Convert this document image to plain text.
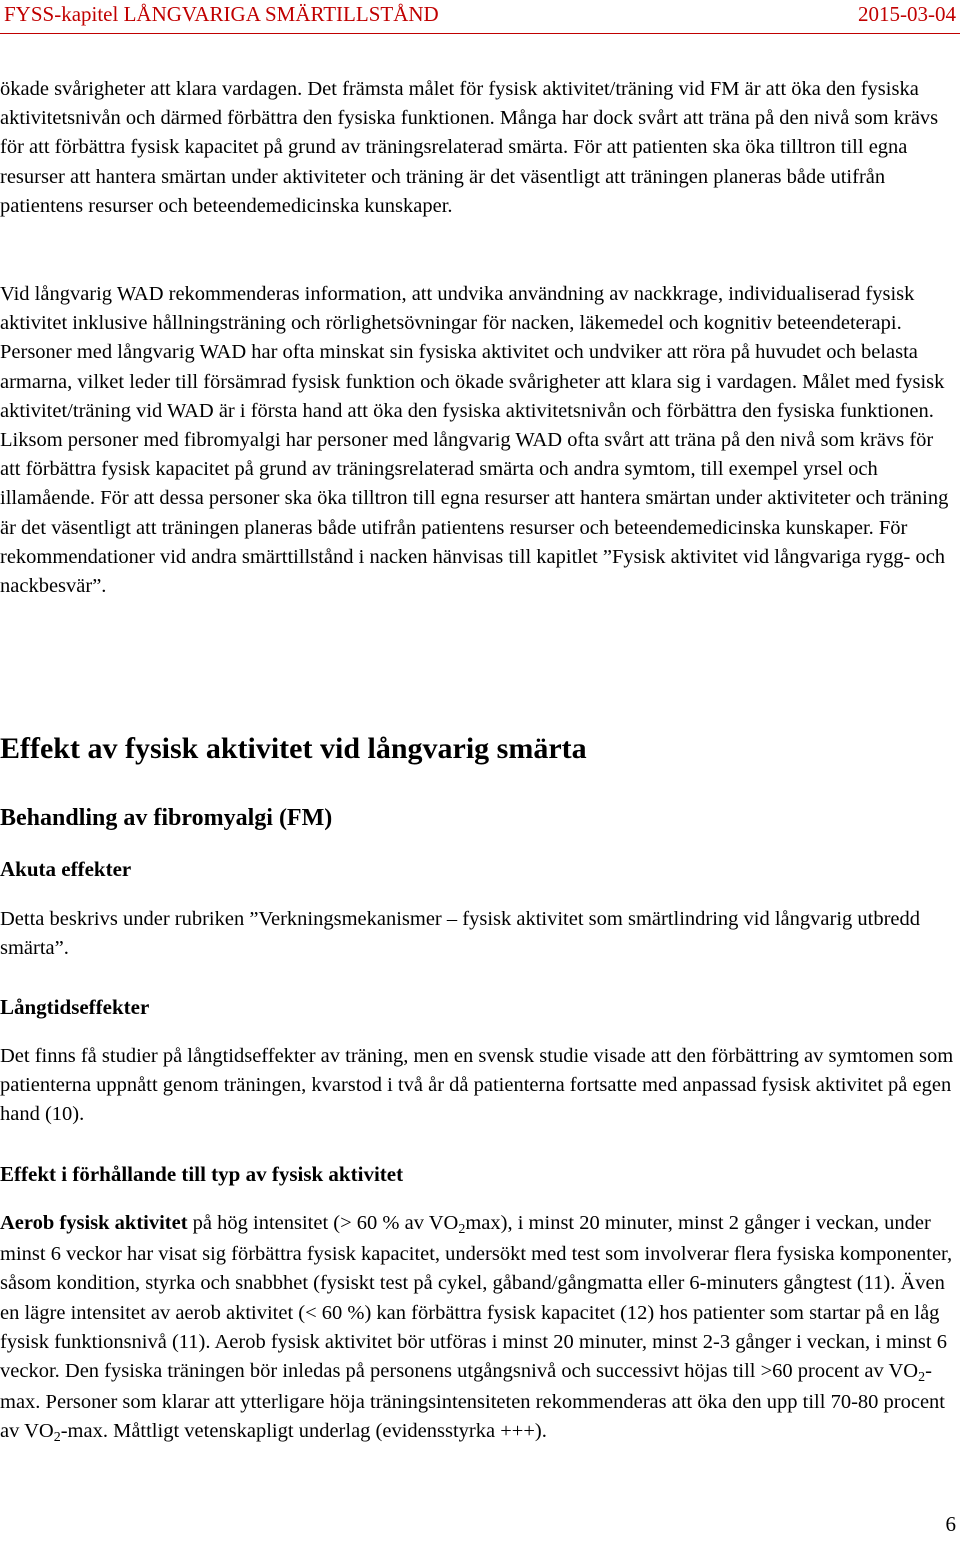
FYSS-kapitel LÅNGVARIGA SMÄRTILLSTÅND	2015-03-04

ökade svårigheter att klara vardagen. Det främsta målet för fysisk aktivitet/träning vid FM är att öka den fysiska aktivitetsnivån och därmed förbättra den fysiska funktionen. Många har dock svårt att träna på den nivå som krävs för att förbättra fysisk kapacitet på grund av träningsrelaterad smärta. För att patienten ska öka tilltron till egna resurser att hantera smärtan under aktiviteter och träning är det väsentligt att träningen planeras både utifrån patientens resurser och beteendemedicinska kunskaper.

Vid långvarig WAD rekommenderas information, att undvika användning av nackkrage, individualiserad fysisk aktivitet inklusive hållningsträning och rörlighetsövningar för nacken, läkemedel och kognitiv beteendeterapi. Personer med långvarig WAD har ofta minskat sin fysiska aktivitet och undviker att röra på huvudet och belasta armarna, vilket leder till försämrad fysisk funktion och ökade svårigheter att klara sig i vardagen. Målet med fysisk aktivitet/träning vid WAD är i första hand att öka den fysiska aktivitetsnivån och förbättra den fysiska funktionen. Liksom personer med fibromyalgi har personer med långvarig WAD ofta svårt att träna på den nivå som krävs för att förbättra fysisk kapacitet på grund av träningsrelaterad smärta och andra symtom, till exempel yrsel och illamående. För att dessa personer ska öka tilltron till egna resurser att hantera smärtan under aktiviteter och träning är det väsentligt att träningen planeras både utifrån patientens resurser och beteendemedicinska kunskaper. För rekommendationer vid andra smärttillstånd i nacken hänvisas till kapitlet ”Fysisk aktivitet vid långvariga rygg- och nackbesvär”.

Effekt av fysisk aktivitet vid långvarig smärta
Behandling av fibromyalgi (FM)
Akuta effekter

Detta beskrivs under rubriken ”Verkningsmekanismer – fysisk aktivitet som smärtlindring vid långvarig utbredd smärta”.

Långtidseffekter

Det finns få studier på långtidseffekter av träning, men en svensk studie visade att den förbättring av symtomen som patienterna uppnått genom träningen, kvarstod i två år då patienterna fortsatte med anpassad fysisk aktivitet på egen hand (10).

Effekt i förhållande till typ av fysisk aktivitet

Aerob fysisk aktivitet på hög intensitet (> 60 % av VO2max), i minst 20 minuter, minst 2 gånger i veckan, under minst 6 veckor har visat sig förbättra fysisk kapacitet, undersökt med test som involverar flera fysiska komponenter, såsom kondition, styrka och snabbhet (fysiskt test på cykel, gåband/gångmatta eller 6-minuters gångtest (11). Även en lägre intensitet av aerob aktivitet (< 60 %) kan förbättra fysisk kapacitet (12) hos patienter som startar på en låg fysisk funktionsnivå (11). Aerob fysisk aktivitet bör utföras i minst 20 minuter, minst 2-3 gånger i veckan, i minst 6 veckor. Den fysiska träningen bör inledas på personens utgångsnivå och successivt höjas till >60 procent av VO2-max. Personer som klarar att ytterligare höja träningsintensiteten rekommenderas att öka den upp till 70-80 procent av VO2-max. Måttligt vetenskapligt underlag (evidensstyrka +++).

6
